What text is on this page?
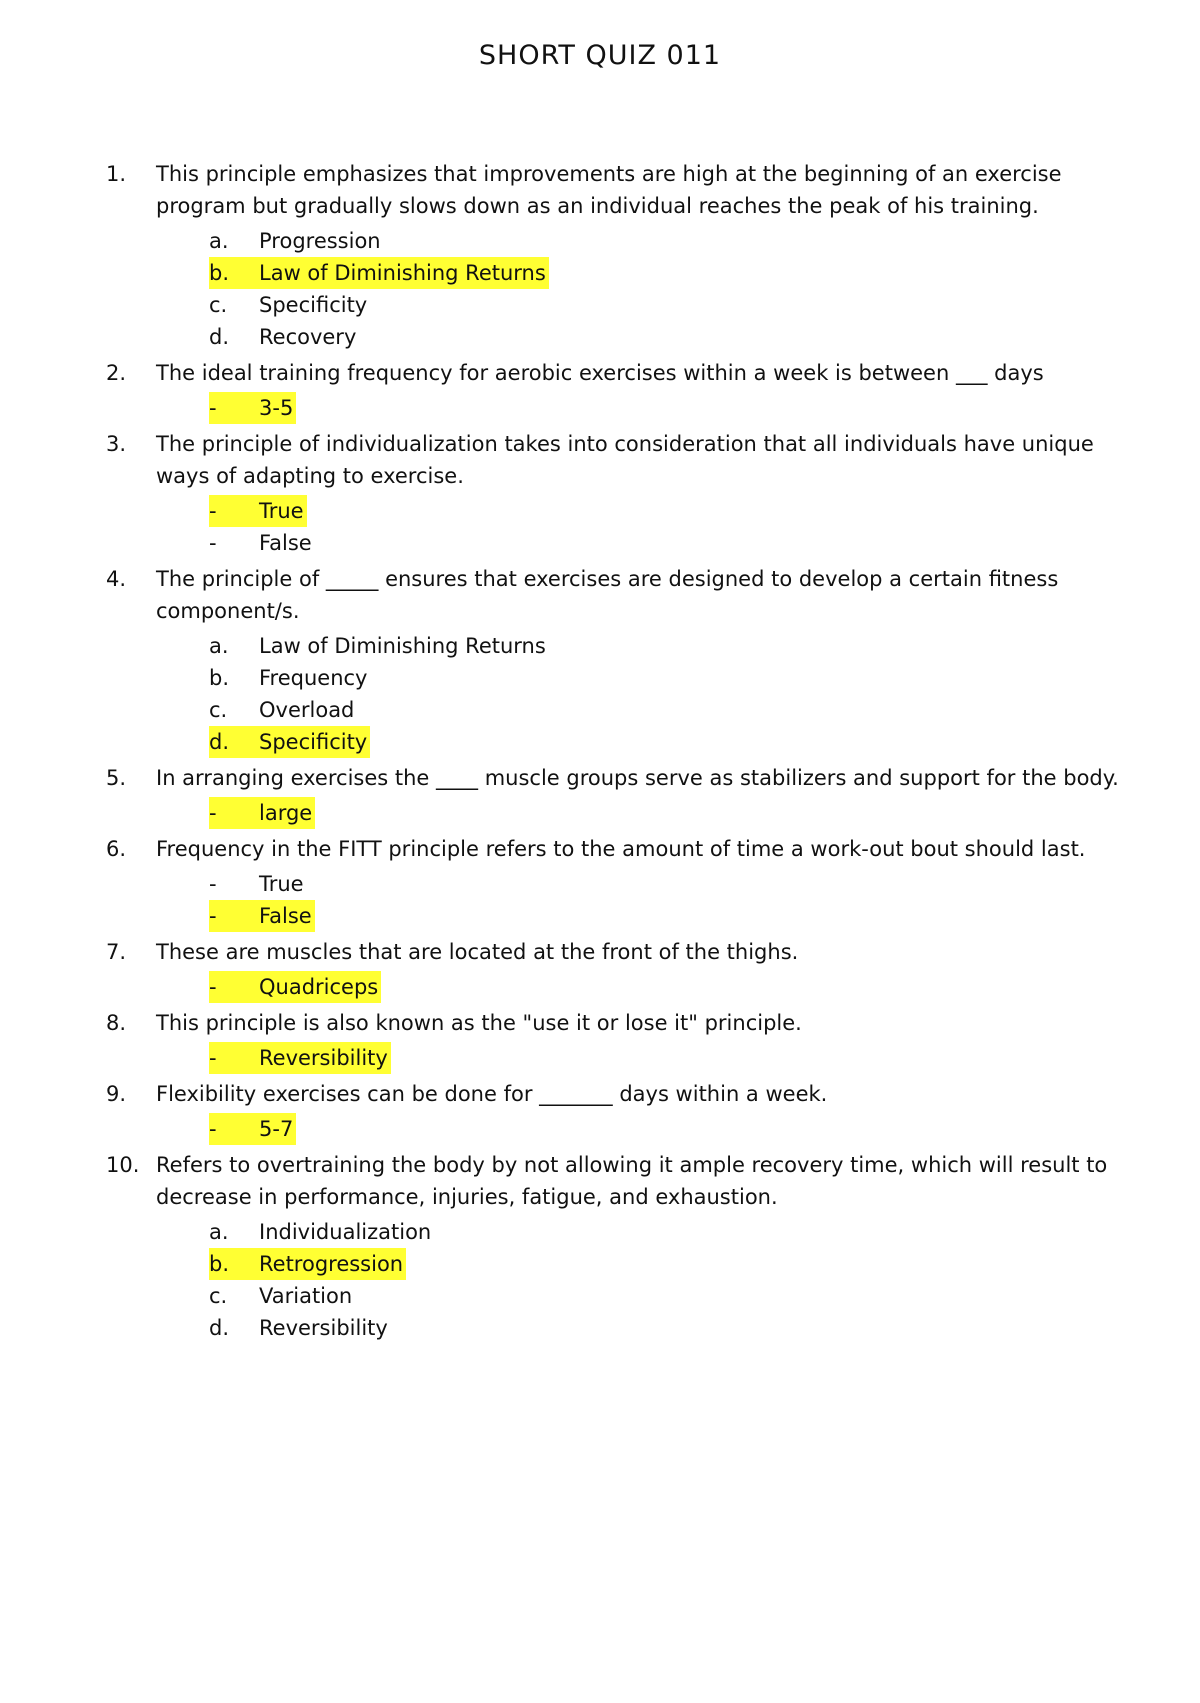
SHORT QUIZ 011
1.	This principle emphasizes that improvements are high at the beginning of an exercise program but gradually slows down as an individual reaches the peak of his training.
a. Progression
b. Law of Diminishing Returns
c. Specificity
d. Recovery
2.	The ideal training frequency for aerobic exercises within a week is between ___ days
- 3-5
3.	The principle of individualization takes into consideration that all individuals have unique ways of adapting to exercise.
- True
- False
4.	The principle of _____ ensures that exercises are designed to develop a certain fitness component/s.
a. Law of Diminishing Returns
b. Frequency
c. Overload
d. Specificity
5.	In arranging exercises the ____ muscle groups serve as stabilizers and support for the body.
- large
6.	Frequency in the FITT principle refers to the amount of time a work-out bout should last.
- True
- False
7.	These are muscles that are located at the front of the thighs.
- Quadriceps
8.	This principle is also known as the "use it or lose it" principle.
- Reversibility
9.	Flexibility exercises can be done for _______ days within a week.
- 5-7
10. Refers to overtraining the body by not allowing it ample recovery time, which will result to decrease in performance, injuries, fatigue, and exhaustion.
a. Individualization
b. Retrogression
c. Variation
d. Reversibility
